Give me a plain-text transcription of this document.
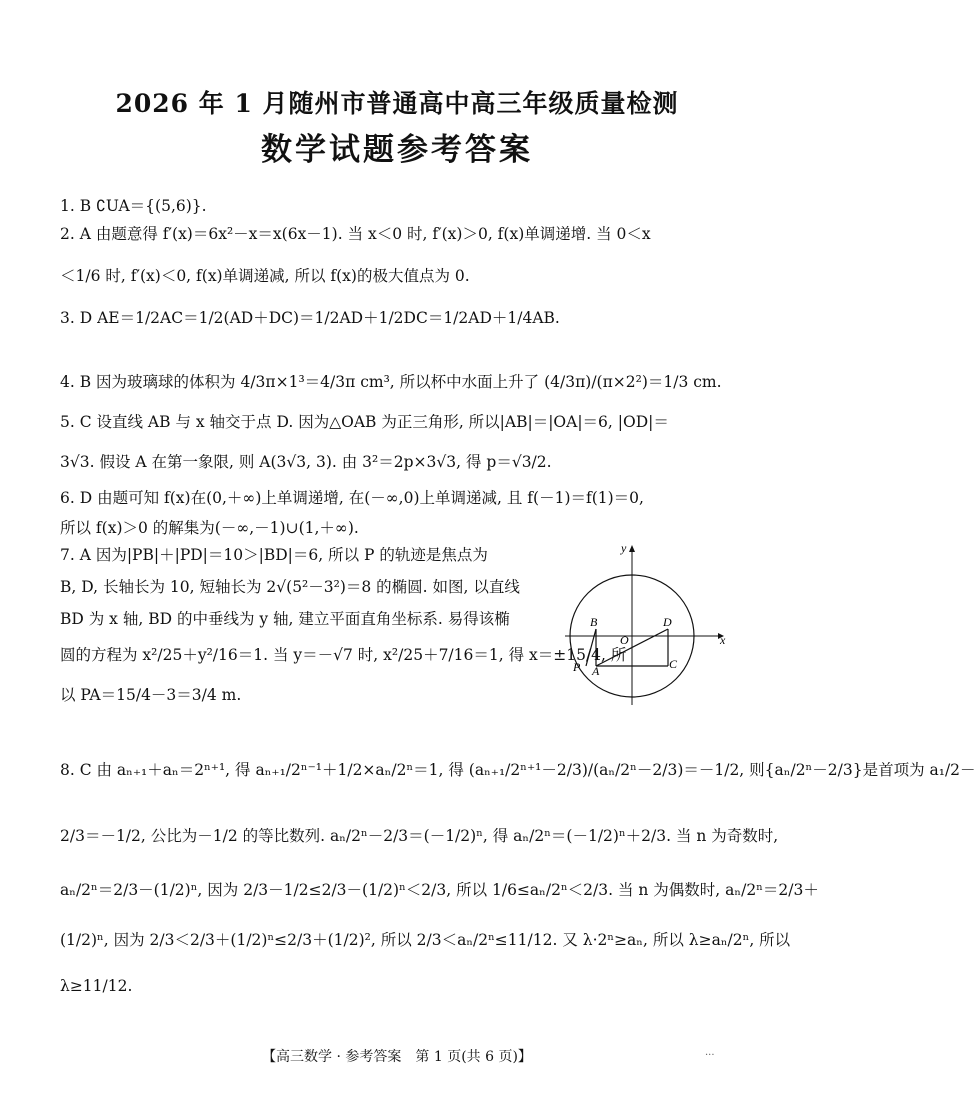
2026 年 1 月随州市普通高中高三年级质量检测
数学试题参考答案
1. B ∁UA＝{(5,6)}.
2. A 由题意得 f′(x)＝6x²－x＝x(6x－1). 当 x＜0 时, f′(x)＞0, f(x)单调递增. 当 0＜x
＜1/6 时, f′(x)＜0, f(x)单调递减, 所以 f(x)的极大值点为 0.
3. D AE＝1/2AC＝1/2(AD＋DC)＝1/2AD＋1/2DC＝1/2AD＋1/4AB.
4. B 因为玻璃球的体积为 4/3π×1³＝4/3π cm³, 所以杯中水面上升了 (4/3π)/(π×2²)＝1/3 cm.
5. C 设直线 AB 与 x 轴交于点 D. 因为△OAB 为正三角形, 所以|AB|＝|OA|＝6, |OD|＝
3√3. 假设 A 在第一象限, 则 A(3√3, 3). 由 3²＝2p×3√3, 得 p＝√3/2.
6. D 由题可知 f(x)在(0,＋∞)上单调递增, 在(－∞,0)上单调递减, 且 f(－1)＝f(1)＝0,
所以 f(x)＞0 的解集为(－∞,－1)∪(1,＋∞).
7. A 因为|PB|＋|PD|＝10＞|BD|＝6, 所以 P 的轨迹是焦点为
B, D, 长轴长为 10, 短轴长为 2√(5²－3²)＝8 的椭圆. 如图, 以直线
BD 为 x 轴, BD 的中垂线为 y 轴, 建立平面直角坐标系. 易得该椭
圆的方程为 x²/25＋y²/16＝1. 当 y＝－√7 时, x²/25＋7/16＝1, 得 x＝±15/4, 所
以 PA＝15/4－3＝3/4 m.
8. C 由 aₙ₊₁＋aₙ＝2ⁿ⁺¹, 得 aₙ₊₁/2ⁿ⁻¹＋1/2×aₙ/2ⁿ＝1, 得 (aₙ₊₁/2ⁿ⁺¹－2/3)/(aₙ/2ⁿ－2/3)＝－1/2, 则{aₙ/2ⁿ－2/3}是首项为 a₁/2－
2/3＝－1/2, 公比为－1/2 的等比数列. aₙ/2ⁿ－2/3＝(－1/2)ⁿ, 得 aₙ/2ⁿ＝(－1/2)ⁿ＋2/3. 当 n 为奇数时,
aₙ/2ⁿ＝2/3－(1/2)ⁿ, 因为 2/3－1/2≤2/3－(1/2)ⁿ＜2/3, 所以 1/6≤aₙ/2ⁿ＜2/3. 当 n 为偶数时, aₙ/2ⁿ＝2/3＋
(1/2)ⁿ, 因为 2/3＜2/3＋(1/2)ⁿ≤2/3＋(1/2)², 所以 2/3＜aₙ/2ⁿ≤11/12. 又 λ·2ⁿ≥aₙ, 所以 λ≥aₙ/2ⁿ, 所以
λ≥11/12.
x
y
B
O
D
P A	C
【高三数学 · 参考答案　第 1 页(共 6 页)】	···
